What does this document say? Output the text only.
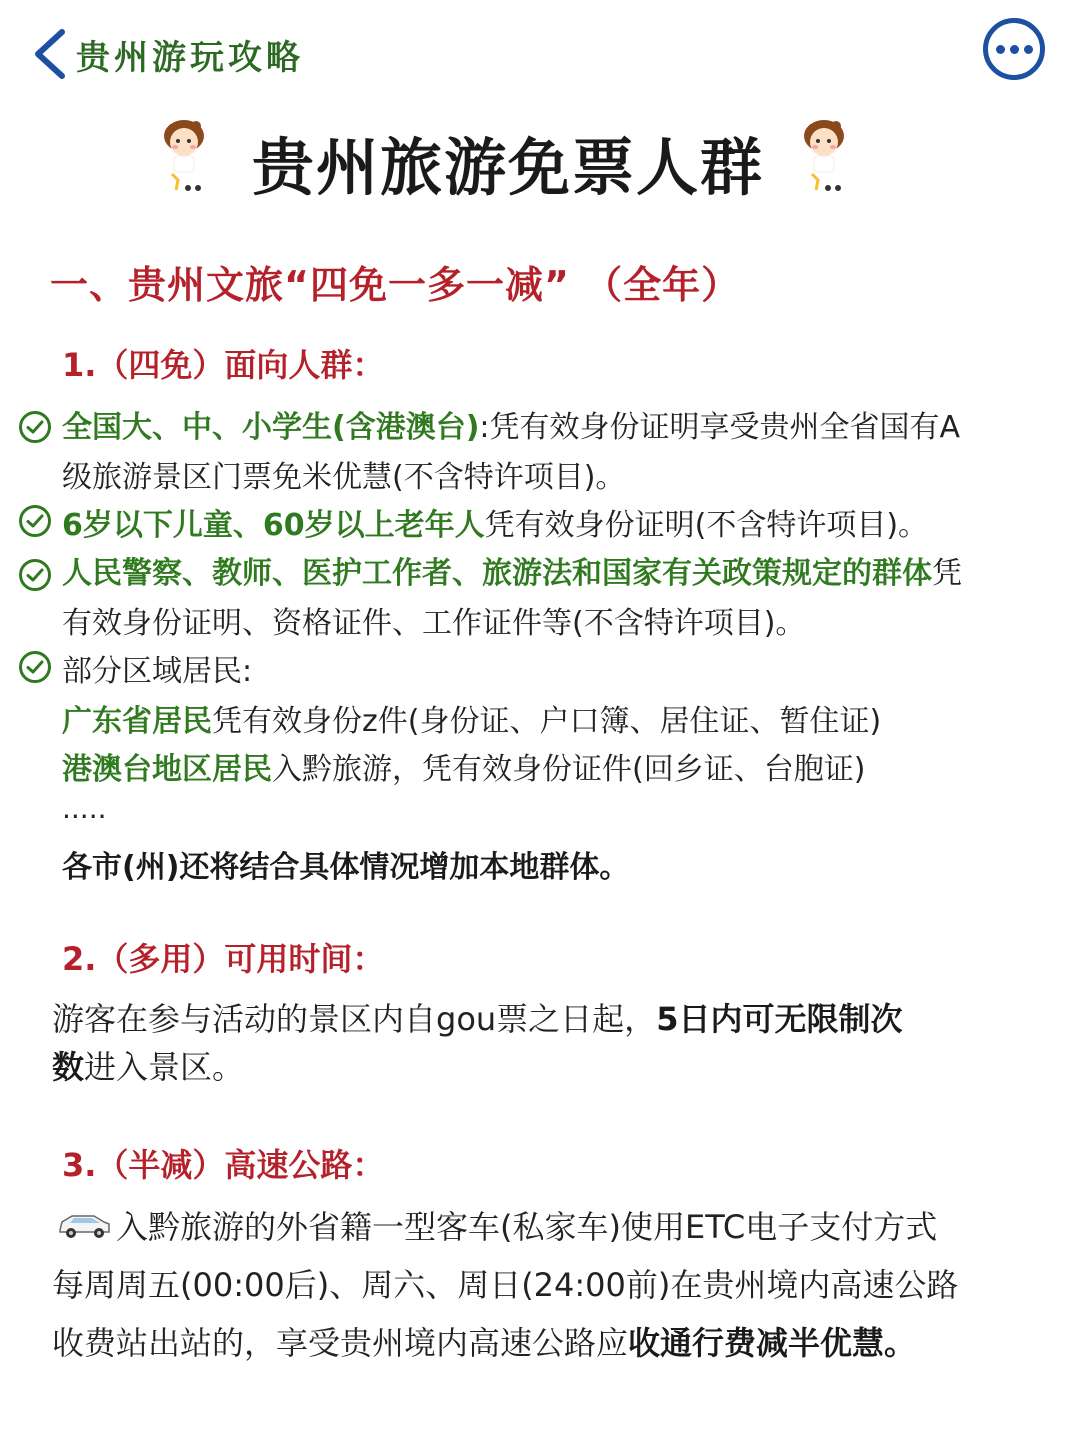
贵州游玩攻略
贵州旅游免票人群
一、贵州文旅“四免一多一减” （全年）
1.（四免）面向人群：
全国大、中、小学生(含港澳台):凭有效身份证明享受贵州全省国有A
级旅游景区门票免米优慧(不含特许项目)。
6岁以下儿童、60岁以上老年人凭有效身份证明(不含特许项目)。
人民警察、教师、医护工作者、旅游法和国家有关政策规定的群体凭
有效身份证明、资格证件、工作证件等(不含特许项目)。
部分区域居民:
广东省居民凭有效身份z件(身份证、户口簿、居住证、暂住证)
港澳台地区居民入黔旅游，凭有效身份证件(回乡证、台胞证)
.....
各市(州)还将结合具体情况增加本地群体。
2.（多用）可用时间：
游客在参与活动的景区内自gou票之日起，5日内可无限制次
数进入景区。
3.（半减）高速公路：
入黔旅游的外省籍一型客车(私家车)使用ETC电子支付方式
每周周五(00:00后)、周六、周日(24:00前)在贵州境内高速公路
收费站出站的，享受贵州境内高速公路应收通行费减半优慧。
